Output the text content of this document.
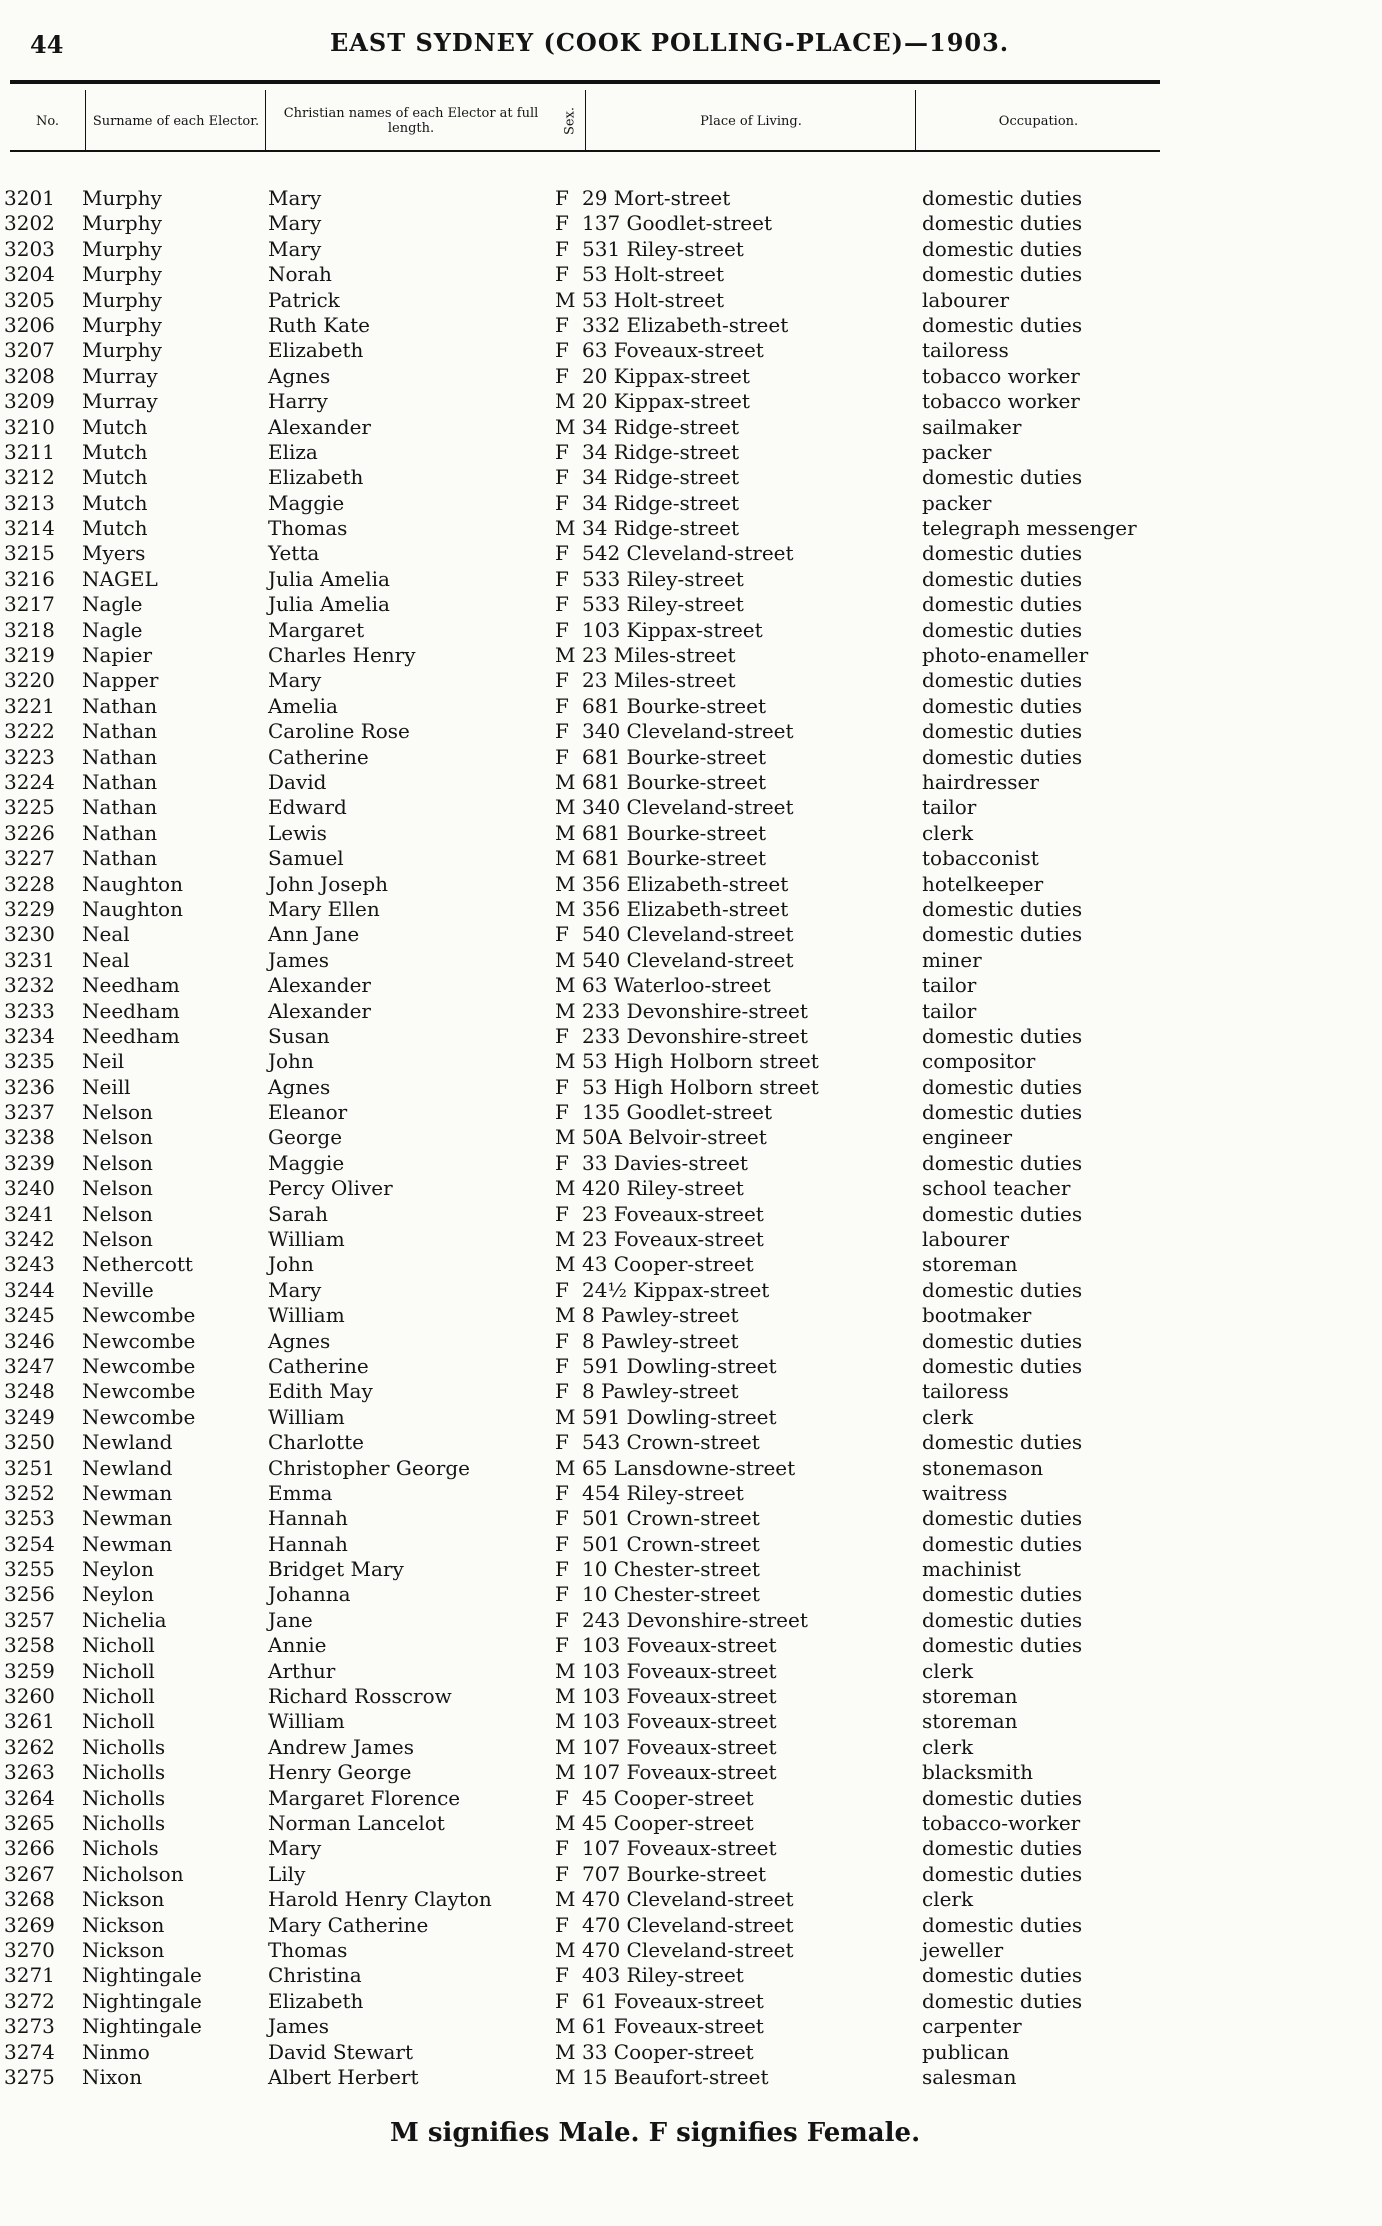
44	EAST SYDNEY (COOK POLLING-PLACE)—1903.
No.	Surname of each Elector.	Christian names of each Elector at full length.	Sex.	Place of Living.	Occupation.
3201	Murphy	Mary	F 29 Mort-street	domestic duties
3202	Murphy	Mary	F 137 Goodlet-street	domestic duties
3203	Murphy	Mary	F 531 Riley-street	domestic duties
3204	Murphy	Norah	F 53 Holt-street	domestic duties
3205	Murphy	Patrick	M 53 Holt-street	labourer
3206	Murphy	Ruth Kate	F 332 Elizabeth-street	domestic duties
3207	Murphy	Elizabeth	F 63 Foveaux-street	tailoress
3208	Murray	Agnes	F 20 Kippax-street	tobacco worker
3209	Murray	Harry	M 20 Kippax-street	tobacco worker
3210	Mutch	Alexander	M 34 Ridge-street	sailmaker
3211	Mutch	Eliza	F 34 Ridge-street	packer
3212	Mutch	Elizabeth	F 34 Ridge-street	domestic duties
3213	Mutch	Maggie	F 34 Ridge-street	packer
3214	Mutch	Thomas	M 34 Ridge-street	telegraph messenger
3215	Myers	Yetta	F 542 Cleveland-street	domestic duties
3216	NAGEL	Julia Amelia	F 533 Riley-street	domestic duties
3217	Nagle	Julia Amelia	F 533 Riley-street	domestic duties
3218	Nagle	Margaret	F 103 Kippax-street	domestic duties
3219	Napier	Charles Henry	M 23 Miles-street	photo-enameller
3220	Napper	Mary	F 23 Miles-street	domestic duties
3221	Nathan	Amelia	F 681 Bourke-street	domestic duties
3222	Nathan	Caroline Rose	F 340 Cleveland-street	domestic duties
3223	Nathan	Catherine	F 681 Bourke-street	domestic duties
3224	Nathan	David	M 681 Bourke-street	hairdresser
3225	Nathan	Edward	M 340 Cleveland-street	tailor
3226	Nathan	Lewis	M 681 Bourke-street	clerk
3227	Nathan	Samuel	M 681 Bourke-street	tobacconist
3228	Naughton	John Joseph	M 356 Elizabeth-street	hotelkeeper
3229	Naughton	Mary Ellen	M 356 Elizabeth-street	domestic duties
3230	Neal	Ann Jane	F 540 Cleveland-street	domestic duties
3231	Neal	James	M 540 Cleveland-street	miner
3232	Needham	Alexander	M 63 Waterloo-street	tailor
3233	Needham	Alexander	M 233 Devonshire-street	tailor
3234	Needham	Susan	F 233 Devonshire-street	domestic duties
3235	Neil	John	M 53 High Holborn street	compositor
3236	Neill	Agnes	F 53 High Holborn street	domestic duties
3237	Nelson	Eleanor	F 135 Goodlet-street	domestic duties
3238	Nelson	George	M 50A Belvoir-street	engineer
3239	Nelson	Maggie	F 33 Davies-street	domestic duties
3240	Nelson	Percy Oliver	M 420 Riley-street	school teacher
3241	Nelson	Sarah	F 23 Foveaux-street	domestic duties
3242	Nelson	William	M 23 Foveaux-street	labourer
3243	Nethercott	John	M 43 Cooper-street	storeman
3244	Neville	Mary	F 24½ Kippax-street	domestic duties
3245	Newcombe	William	M 8 Pawley-street	bootmaker
3246	Newcombe	Agnes	F 8 Pawley-street	domestic duties
3247	Newcombe	Catherine	F 591 Dowling-street	domestic duties
3248	Newcombe	Edith May	F 8 Pawley-street	tailoress
3249	Newcombe	William	M 591 Dowling-street	clerk
3250	Newland	Charlotte	F 543 Crown-street	domestic duties
3251	Newland	Christopher George	M 65 Lansdowne-street	stonemason
3252	Newman	Emma	F 454 Riley-street	waitress
3253	Newman	Hannah	F 501 Crown-street	domestic duties
3254	Newman	Hannah	F 501 Crown-street	domestic duties
3255	Neylon	Bridget Mary	F 10 Chester-street	machinist
3256	Neylon	Johanna	F 10 Chester-street	domestic duties
3257	Nichelia	Jane	F 243 Devonshire-street	domestic duties
3258	Nicholl	Annie	F 103 Foveaux-street	domestic duties
3259	Nicholl	Arthur	M 103 Foveaux-street	clerk
3260	Nicholl	Richard Rosscrow	M 103 Foveaux-street	storeman
3261	Nicholl	William	M 103 Foveaux-street	storeman
3262	Nicholls	Andrew James	M 107 Foveaux-street	clerk
3263	Nicholls	Henry George	M 107 Foveaux-street	blacksmith
3264	Nicholls	Margaret Florence	F 45 Cooper-street	domestic duties
3265	Nicholls	Norman Lancelot	M 45 Cooper-street	tobacco-worker
3266	Nichols	Mary	F 107 Foveaux-street	domestic duties
3267	Nicholson	Lily	F 707 Bourke-street	domestic duties
3268	Nickson	Harold Henry Clayton	M 470 Cleveland-street	clerk
3269	Nickson	Mary Catherine	F 470 Cleveland-street	domestic duties
3270	Nickson	Thomas	M 470 Cleveland-street	jeweller
3271	Nightingale	Christina	F 403 Riley-street	domestic duties
3272	Nightingale	Elizabeth	F 61 Foveaux-street	domestic duties
3273	Nightingale	James	M 61 Foveaux-street	carpenter
3274	Ninmo	David Stewart	M 33 Cooper-street	publican
3275	Nixon	Albert Herbert	M 15 Beaufort-street	salesman
M signifies Male. F signifies Female.
